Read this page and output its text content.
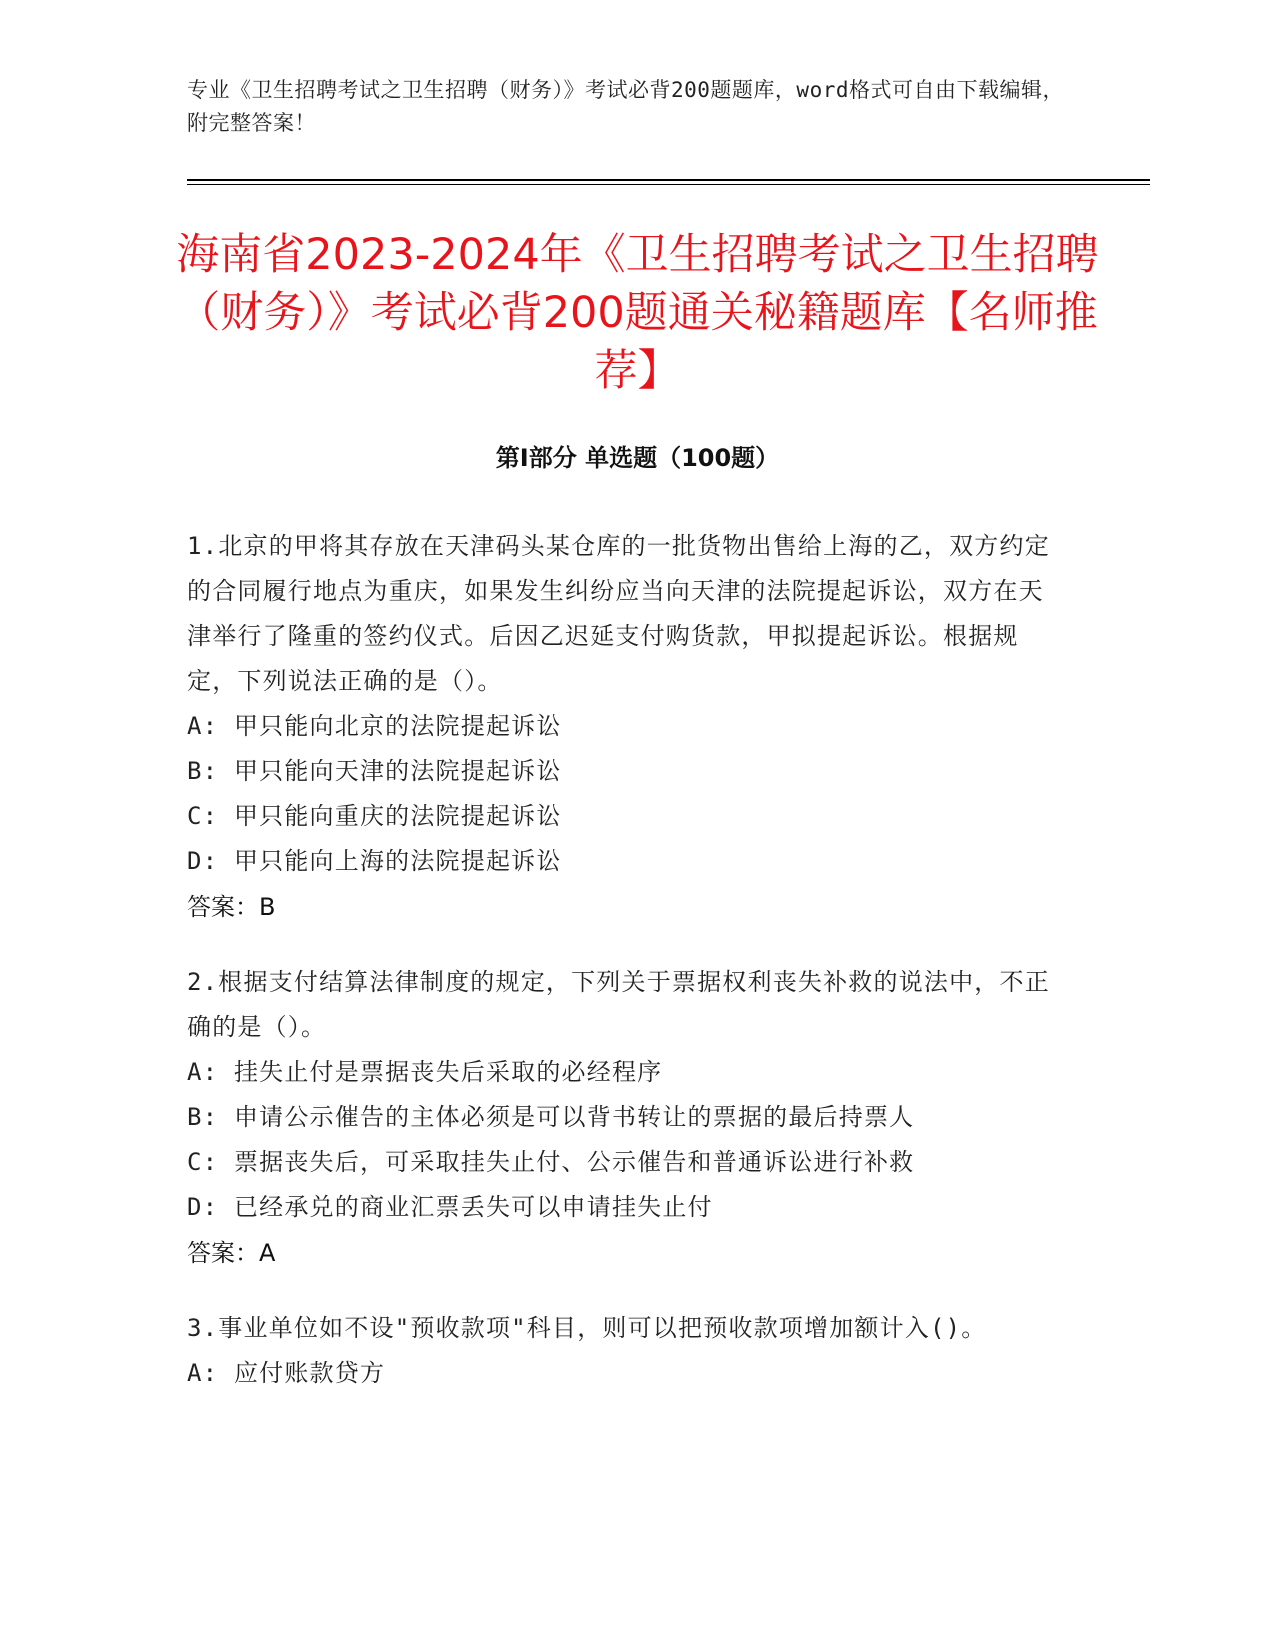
专业《卫生招聘考试之卫生招聘（财务）》考试必背200题题库，word格式可自由下载编辑，附完整答案！
海南省2023-2024年《卫生招聘考试之卫生招聘（财务）》考试必背200题通关秘籍题库【名师推荐】
第I部分 单选题（100题）
1.北京的甲将其存放在天津码头某仓库的一批货物出售给上海的乙，双方约定的合同履行地点为重庆，如果发生纠纷应当向天津的法院提起诉讼，双方在天津举行了隆重的签约仪式。后因乙迟延支付购货款，甲拟提起诉讼。根据规定，下列说法正确的是（）。
A: 甲只能向北京的法院提起诉讼
B: 甲只能向天津的法院提起诉讼
C: 甲只能向重庆的法院提起诉讼
D: 甲只能向上海的法院提起诉讼
答案：B
2.根据支付结算法律制度的规定，下列关于票据权利丧失补救的说法中，不正确的是（）。
A: 挂失止付是票据丧失后采取的必经程序
B: 申请公示催告的主体必须是可以背书转让的票据的最后持票人
C: 票据丧失后，可采取挂失止付、公示催告和普通诉讼进行补救
D: 已经承兑的商业汇票丢失可以申请挂失止付
答案：A
3.事业单位如不设"预收款项"科目，则可以把预收款项增加额计入()。
A: 应付账款贷方
